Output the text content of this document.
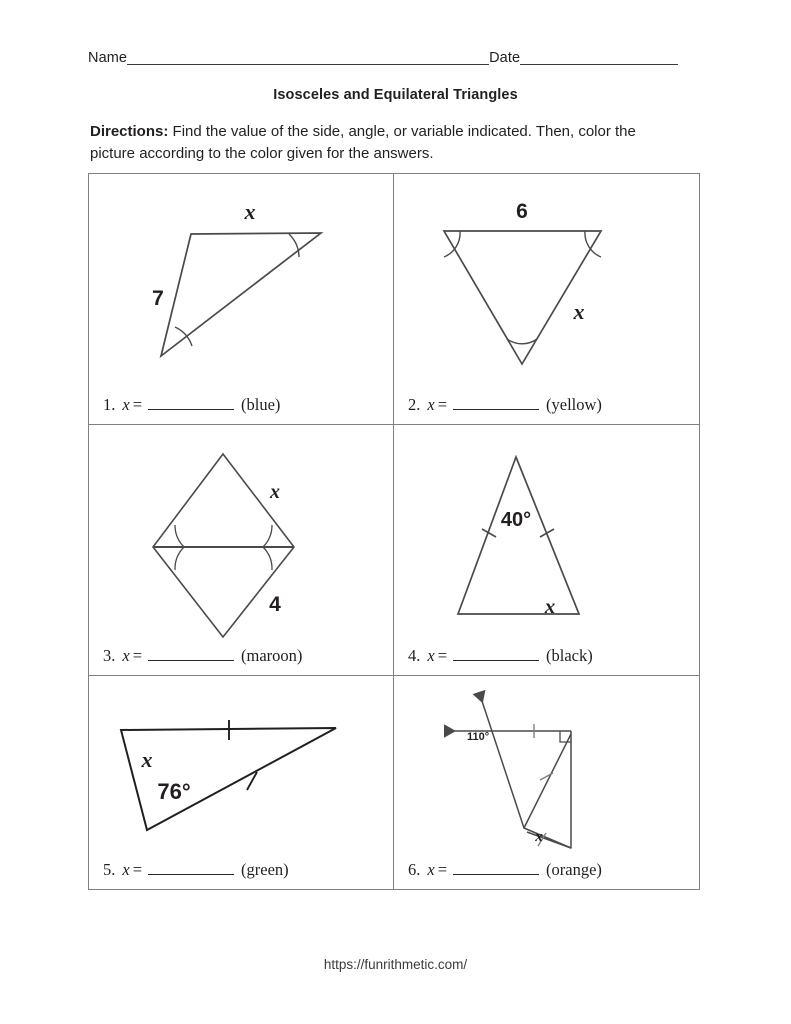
Name	Date
Isosceles and Equilateral Triangles
Directions: Find the value of the side, angle, or variable indicated. Then, color the picture according to the color given for the answers.
x
7
1. x =	(blue)
6
x
2. x =	(yellow)
x
4
3. x =	(maroon)
40°
x
4. x =	(black)
x
76°
5. x =	(green)
110°
x
6. x =	(orange)
https://funrithmetic.com/
